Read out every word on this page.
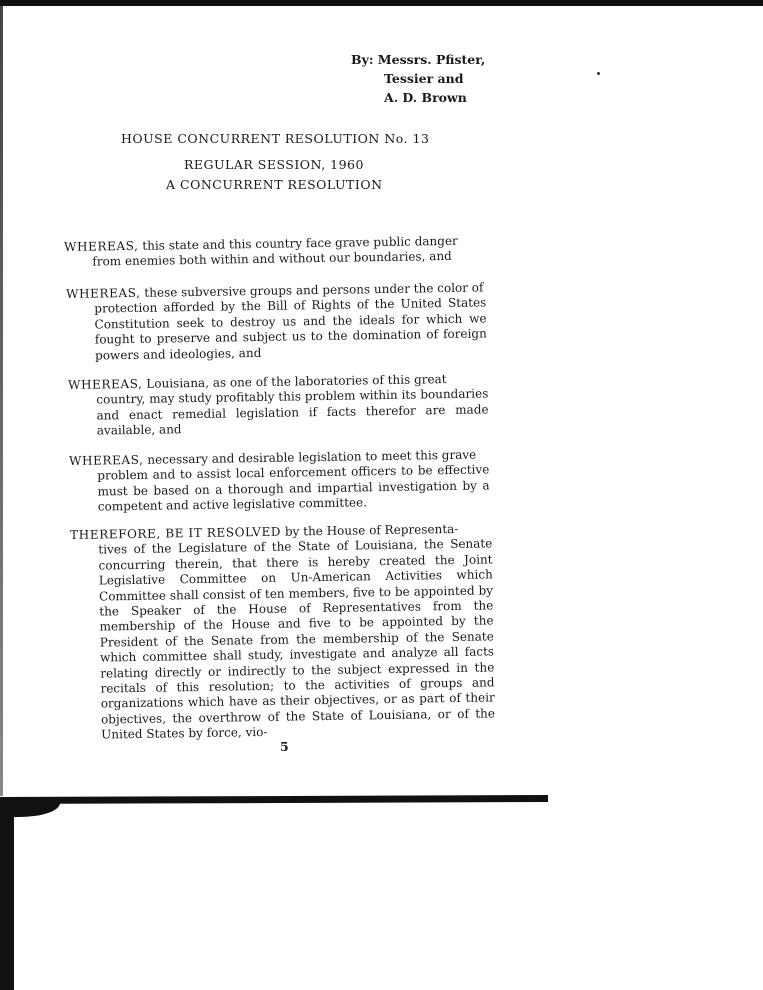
By: Messrs. Pfister,
Tessier and
A. D. Brown
HOUSE CONCURRENT RESOLUTION No. 13
REGULAR SESSION, 1960
A CONCURRENT RESOLUTION
WHEREAS, this state and this country face grave public danger
from enemies both within and without our boundaries, and
WHEREAS, these subversive groups and persons under the color of
protection afforded by the Bill of Rights of the United States Constitution seek to destroy us and the ideals for which we fought to preserve and subject us to the domination of foreign powers and ideologies, and
WHEREAS, Louisiana, as one of the laboratories of this great
country, may study profitably this problem within its boundaries and enact remedial legislation if facts therefor are made available, and
WHEREAS, necessary and desirable legislation to meet this grave
problem and to assist local enforcement officers to be effective must be based on a thorough and impartial investigation by a competent and active legislative committee.
THEREFORE, BE IT RESOLVED by the House of Representa-
tives of the Legislature of the State of Louisiana, the Senate concurring therein, that there is hereby created the Joint Legislative Committee on Un-American Activities which Committee shall consist of ten members, five to be appointed by the Speaker of the House of Representatives from the membership of the House and five to be appointed by the President of the Senate from the membership of the Senate which committee shall study, investigate and analyze all facts relating directly or indirectly to the subject expressed in the recitals of this resolution; to the activities of groups and organizations which have as their objectives, or as part of their objectives, the overthrow of the State of Louisiana, or of the United States by force, vio-
5
